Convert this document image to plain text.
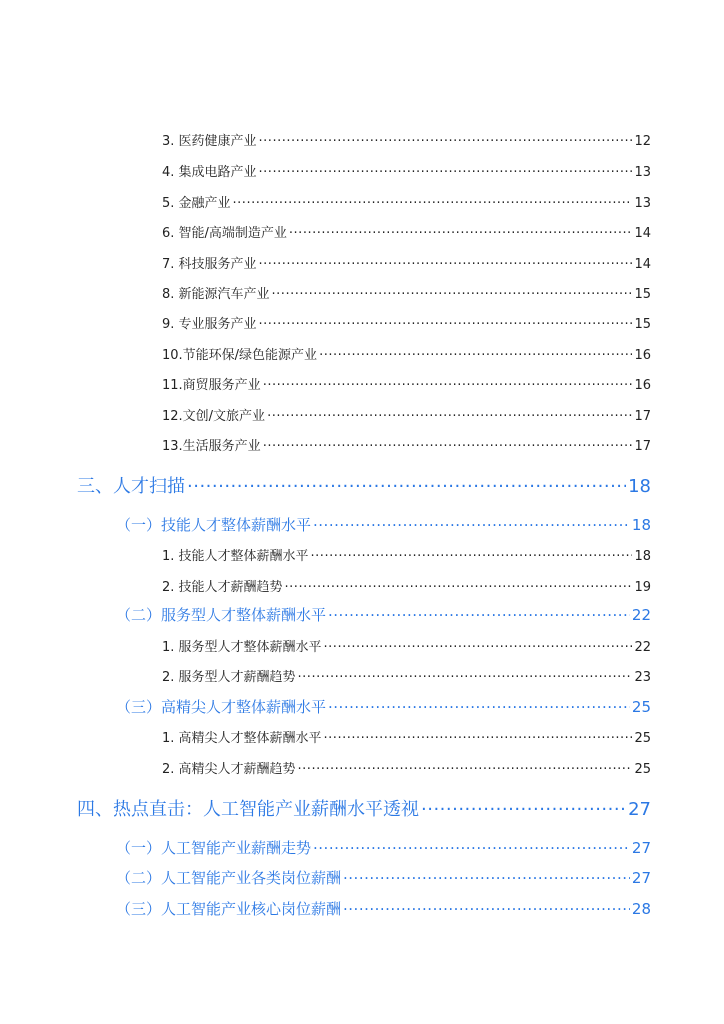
3. 医药健康产业 .....	12
4. 集成电路产业 .....	13
5. 金融产业 .....	13
6. 智能/高端制造产业 .....	14
7. 科技服务产业 .....	14
8. 新能源汽车产业 .....	15
9. 专业服务产业 .....	15
10.节能环保/绿色能源产业 .....	16
11.商贸服务产业 .....	16
12.文创/文旅产业 .....	17
13.生活服务产业 .....	17
三、人才扫描 .....	18
（一）技能人才整体薪酬水平 .....	18
1. 技能人才整体薪酬水平 .....	18
2. 技能人才薪酬趋势 .....	19
（二）服务型人才整体薪酬水平 .....	22
1. 服务型人才整体薪酬水平 .....	22
2. 服务型人才薪酬趋势 .....	23
（三）高精尖人才整体薪酬水平 .....	25
1. 高精尖人才整体薪酬水平 .....	25
2. 高精尖人才薪酬趋势 .....	25
四、热点直击：人工智能产业薪酬水平透视 .....	27
（一）人工智能产业薪酬走势 .....	27
（二）人工智能产业各类岗位薪酬 .....	27
（三）人工智能产业核心岗位薪酬 .....	28
